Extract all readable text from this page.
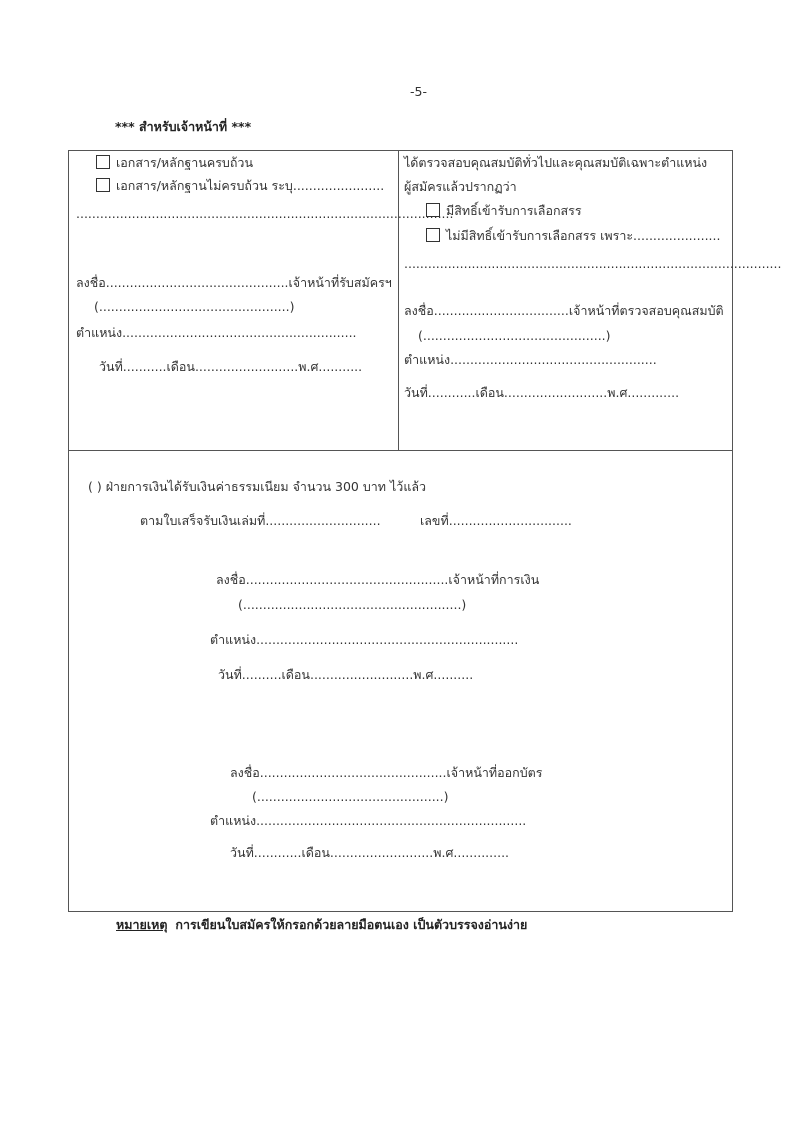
-5-
*** สำหรับเจ้าหน้าที่ ***
เอกสาร/หลักฐานครบถ้วน
เอกสาร/หลักฐานไม่ครบถ้วน ระบุ.......................
...............................................................................................
ลงชื่อ..............................................เจ้าหน้าที่รับสมัครฯ
(................................................)
ตำแหน่ง...........................................................
วันที่...........เดือน..........................พ.ศ...........
ได้ตรวจสอบคุณสมบัติทั่วไปและคุณสมบัติเฉพาะตำแหน่ง
ผู้สมัครแล้วปรากฏว่า
มีสิทธิ์เข้ารับการเลือกสรร
ไม่มีสิทธิ์เข้ารับการเลือกสรร เพราะ......................
...............................................................................................
ลงชื่อ..................................เจ้าหน้าที่ตรวจสอบคุณสมบัติ
(..............................................)
ตำแหน่ง....................................................
วันที่............เดือน..........................พ.ศ.............
( ) ฝ่ายการเงินได้รับเงินค่าธรรมเนียม จำนวน 300 บาท ไว้แล้ว
ตามใบเสร็จรับเงินเล่มที่.............................	เลขที่...............................
ลงชื่อ...................................................เจ้าหน้าที่การเงิน
(.......................................................)
ตำแหน่ง..................................................................
วันที่..........เดือน..........................พ.ศ..........
ลงชื่อ...............................................เจ้าหน้าที่ออกบัตร
(...............................................)
ตำแหน่ง....................................................................
วันที่............เดือน..........................พ.ศ..............
หมายเหตุ การเขียนใบสมัครให้กรอกด้วยลายมือตนเอง เป็นตัวบรรจงอ่านง่าย
